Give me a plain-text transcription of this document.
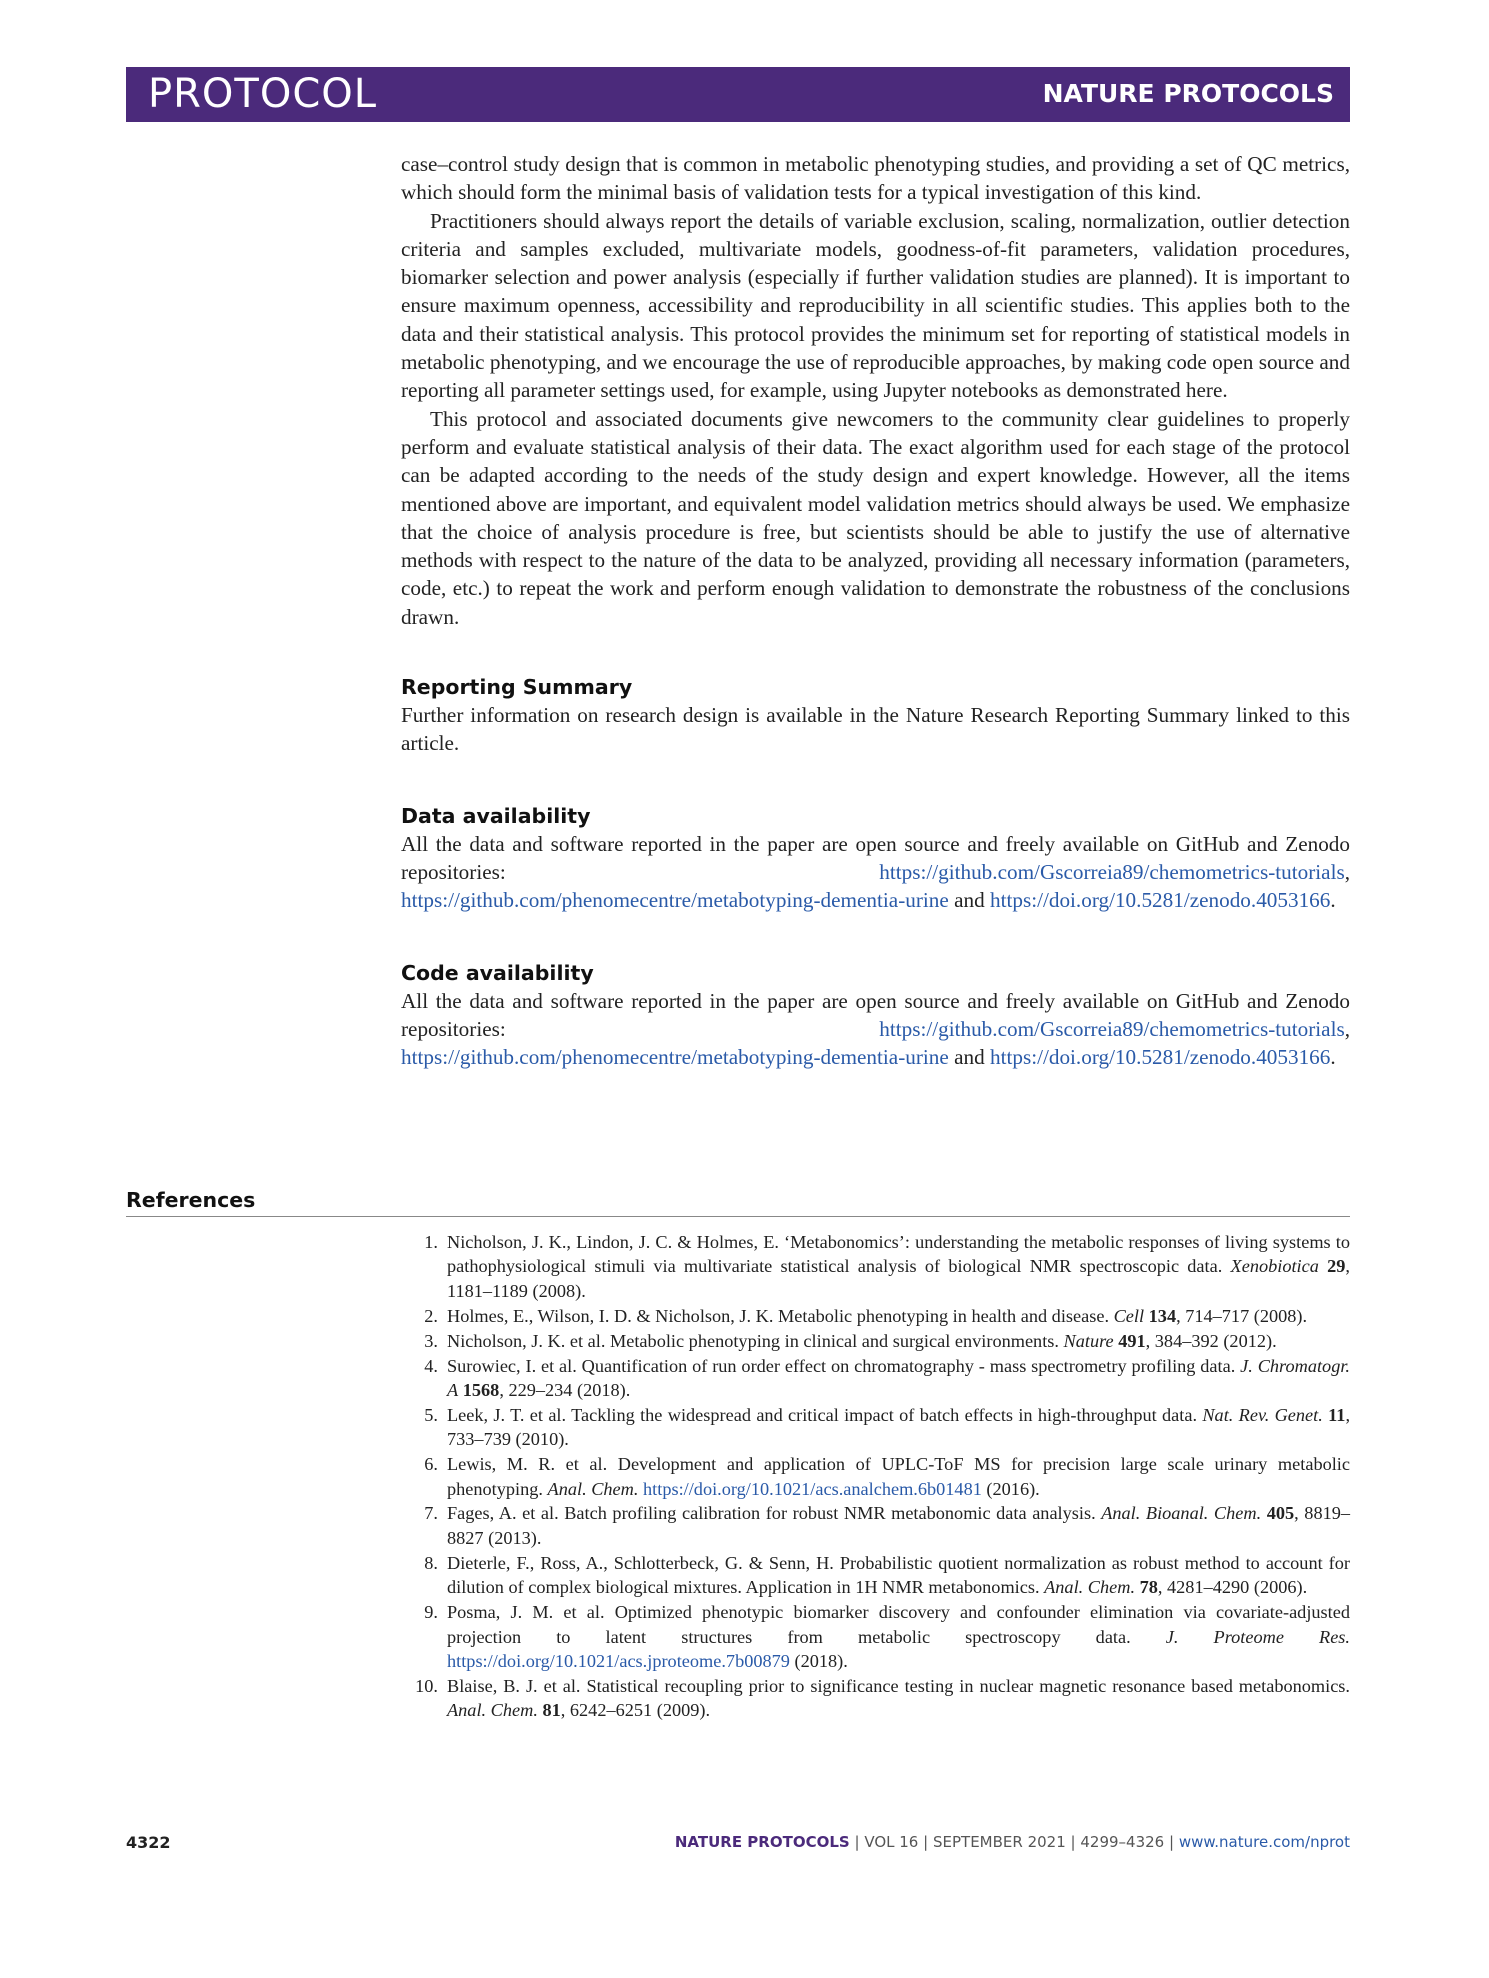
PROTOCOL	NATURE PROTOCOLS

case–control study design that is common in metabolic phenotyping studies, and providing a set of QC metrics, which should form the minimal basis of validation tests for a typical investigation of this kind.

Practitioners should always report the details of variable exclusion, scaling, normalization, outlier detection criteria and samples excluded, multivariate models, goodness-of-fit parameters, validation procedures, biomarker selection and power analysis (especially if further validation studies are planned). It is important to ensure maximum openness, accessibility and reproducibility in all scientific studies. This applies both to the data and their statistical analysis. This protocol provides the minimum set for reporting of statistical models in metabolic phenotyping, and we encourage the use of reproducible approaches, by making code open source and reporting all parameter settings used, for example, using Jupyter notebooks as demonstrated here.

This protocol and associated documents give newcomers to the community clear guidelines to properly perform and evaluate statistical analysis of their data. The exact algorithm used for each stage of the protocol can be adapted according to the needs of the study design and expert knowledge. However, all the items mentioned above are important, and equivalent model validation metrics should always be used. We emphasize that the choice of analysis procedure is free, but scientists should be able to justify the use of alternative methods with respect to the nature of the data to be analyzed, providing all necessary information (parameters, code, etc.) to repeat the work and perform enough validation to demonstrate the robustness of the conclusions drawn.

Reporting Summary

Further information on research design is available in the Nature Research Reporting Summary linked to this article.

Data availability

All the data and software reported in the paper are open source and freely available on GitHub and Zenodo repositories:	https://github.com/Gscorreia89/chemometrics-tutorials, https://github.com/phenomecentre/metabotyping-dementia-urine and https://doi.org/10.5281/zenodo.4053166.

Code availability

All the data and software reported in the paper are open source and freely available on GitHub and Zenodo repositories:	https://github.com/Gscorreia89/chemometrics-tutorials, https://github.com/phenomecentre/metabotyping-dementia-urine and https://doi.org/10.5281/zenodo.4053166.

References
1. Nicholson, J. K., Lindon, J. C. & Holmes, E. ‘Metabonomics’: understanding the metabolic responses of living systems to pathophysiological stimuli via multivariate statistical analysis of biological NMR spectroscopic data. Xenobiotica 29, 1181–1189 (2008).
2. Holmes, E., Wilson, I. D. & Nicholson, J. K. Metabolic phenotyping in health and disease. Cell 134, 714–717 (2008).
3. Nicholson, J. K. et al. Metabolic phenotyping in clinical and surgical environments. Nature 491, 384–392 (2012).
4. Surowiec, I. et al. Quantification of run order effect on chromatography - mass spectrometry profiling data. J. Chromatogr. A 1568, 229–234 (2018).
5. Leek, J. T. et al. Tackling the widespread and critical impact of batch effects in high-throughput data. Nat. Rev. Genet. 11, 733–739 (2010).
6. Lewis, M. R. et al. Development and application of UPLC-ToF MS for precision large scale urinary metabolic phenotyping. Anal. Chem. https://doi.org/10.1021/acs.analchem.6b01481 (2016).
7. Fages, A. et al. Batch profiling calibration for robust NMR metabonomic data analysis. Anal. Bioanal. Chem. 405, 8819–8827 (2013).
8. Dieterle, F., Ross, A., Schlotterbeck, G. & Senn, H. Probabilistic quotient normalization as robust method to account for dilution of complex biological mixtures. Application in 1H NMR metabonomics. Anal. Chem. 78, 4281–4290 (2006).
9. Posma, J. M. et al. Optimized phenotypic biomarker discovery and confounder elimination via covariate-adjusted projection to latent structures from metabolic spectroscopy data. J. Proteome Res. https://doi.org/10.1021/acs.jproteome.7b00879 (2018).
10. Blaise, B. J. et al. Statistical recoupling prior to significance testing in nuclear magnetic resonance based metabonomics. Anal. Chem. 81, 6242–6251 (2009).
4322	NATURE PROTOCOLS | VOL 16 | SEPTEMBER 2021 | 4299–4326 | www.nature.com/nprot
